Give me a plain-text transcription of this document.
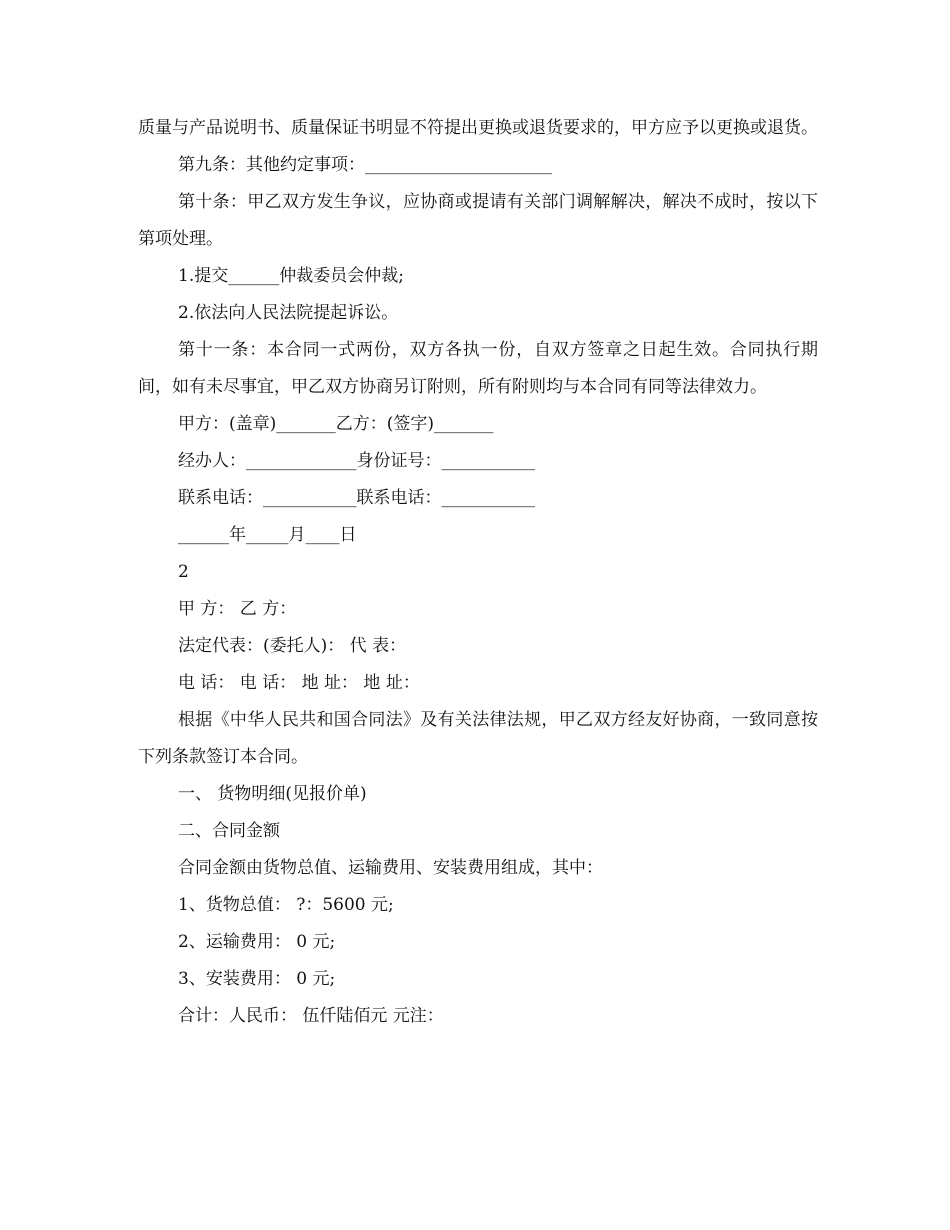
质量与产品说明书、质量保证书明显不符提出更换或退货要求的，甲方应予以更换或退货。

第九条：其他约定事项：______________________

第十条：甲乙双方发生争议，应协商或提请有关部门调解解决，解决不成时，按以下第项处理。

1.提交______仲裁委员会仲裁;

2.依法向人民法院提起诉讼。

第十一条：本合同一式两份，双方各执一份，自双方签章之日起生效。合同执行期间，如有未尽事宜，甲乙双方协商另订附则，所有附则均与本合同有同等法律效力。

甲方：(盖章)_______乙方：(签字)_______

经办人：_____________身份证号：___________

联系电话：___________联系电话：___________

______年_____月____日

2

甲 方： 乙 方：

法定代表：(委托人)： 代 表：

电 话： 电 话： 地 址： 地 址：

根据《中华人民共和国合同法》及有关法律法规，甲乙双方经友好协商，一致同意按下列条款签订本合同。

一、 货物明细(见报价单)

二、合同金额

合同金额由货物总值、运输费用、安装费用组成，其中：

1、货物总值： ?：5600 元;

2、运输费用： 0 元;

3、安装费用： 0 元;

合计：人民币： 伍仟陆佰元 元注：
